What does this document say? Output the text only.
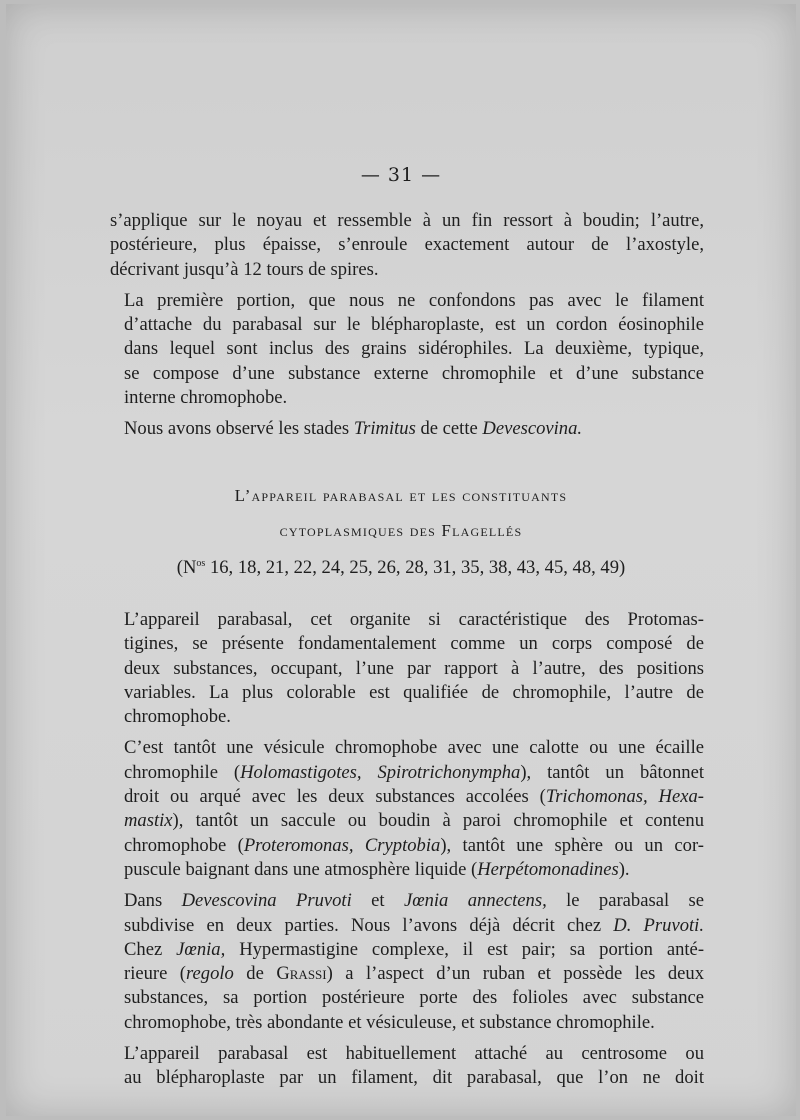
— 31 —

s’applique sur le noyau et ressemble à un fin ressort à boudin; l’autre,
postérieure, plus épaisse, s’enroule exactement autour de l’axostyle,
décrivant jusqu’à 12 tours de spires.

La première portion, que nous ne confondons pas avec le filament
d’attache du parabasal sur le blépharoplaste, est un cordon éosinophile
dans lequel sont inclus des grains sidérophiles. La deuxième, typique,
se compose d’une substance externe chromophile et d’une substance
interne chromophobe.

Nous avons observé les stades Trimitus de cette Devescovina.

L’appareil parabasal et les constituants
cytoplasmiques des Flagellés
($N^{os}$ 16, 18, 21, 22, 24, 25, 26, 28, 31, 35, 38, 43, 45, 48, 49)

L’appareil parabasal, cet organite si caractéristique des Protomas-
tigines, se présente fondamentalement comme un corps composé de
deux substances, occupant, l’une par rapport à l’autre, des positions
variables. La plus colorable est qualifiée de chromophile, l’autre de
chromophobe.

C’est tantôt une vésicule chromophobe avec une calotte ou une écaille
chromophile (Holomastigotes, Spirotrichonympha), tantôt un bâtonnet
droit ou arqué avec les deux substances accolées (Trichomonas, Hexa-
mastix), tantôt un saccule ou boudin à paroi chromophile et contenu
chromophobe (Proteromonas, Cryptobia), tantôt une sphère ou un cor-
puscule baignant dans une atmosphère liquide (Herpétomonadines).

Dans Devescovina Pruvoti et Jœnia annectens, le parabasal se
subdivise en deux parties. Nous l’avons déjà décrit chez D. Pruvoti.
Chez Jœnia, Hypermastigine complexe, il est pair; sa portion anté-
rieure (regolo de Grassi) a l’aspect d’un ruban et possède les deux
substances, sa portion postérieure porte des folioles avec substance
chromophobe, très abondante et vésiculeuse, et substance chromophile.

L’appareil parabasal est habituellement attaché au centrosome ou
au blépharoplaste par un filament, dit parabasal, que l’on ne doit
